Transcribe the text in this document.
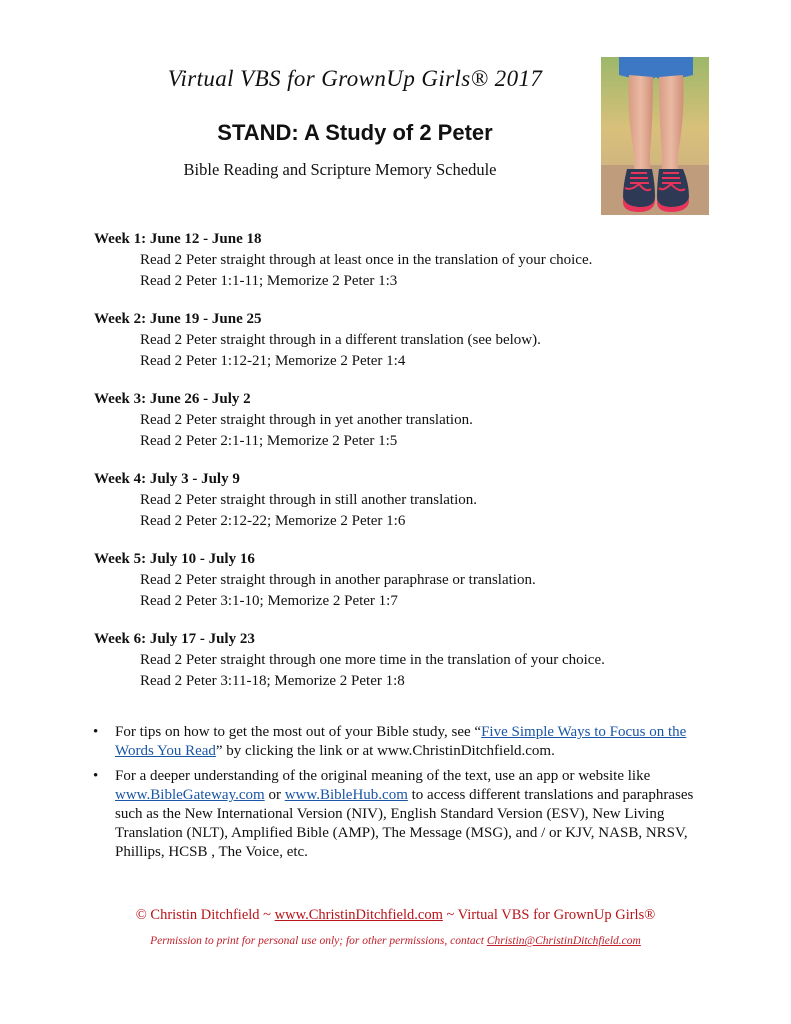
Virtual VBS for GrownUp Girls® 2017
STAND: A Study of 2 Peter
Bible Reading and Scripture Memory Schedule
Week 1: June 12 - June 18
Read 2 Peter straight through at least once in the translation of your choice.
Read 2 Peter 1:1-11; Memorize 2 Peter 1:3
Week 2: June 19 - June 25
Read 2 Peter straight through in a different translation (see below).
Read 2 Peter 1:12-21; Memorize 2 Peter 1:4
Week 3: June 26 - July 2
Read 2 Peter straight through in yet another translation.
Read 2 Peter 2:1-11; Memorize 2 Peter 1:5
Week 4: July 3 - July 9
Read 2 Peter straight through in still another translation.
Read 2 Peter 2:12-22; Memorize 2 Peter 1:6
Week 5: July 10 - July 16
Read 2 Peter straight through in another paraphrase or translation.
Read 2 Peter 3:1-10; Memorize 2 Peter 1:7
Week 6: July 17 - July 23
Read 2 Peter straight through one more time in the translation of your choice.
Read 2 Peter 3:11-18; Memorize 2 Peter 1:8
• For tips on how to get the most out of your Bible study, see “Five Simple Ways to Focus on the Words You Read” by clicking the link or at www.ChristinDitchfield.com.
• For a deeper understanding of the original meaning of the text, use an app or website like www.BibleGateway.com or www.BibleHub.com to access different translations and paraphrases such as the New International Version (NIV), English Standard Version (ESV), New Living Translation (NLT), Amplified Bible (AMP), The Message (MSG), and / or KJV, NASB, NRSV, Phillips, HCSB , The Voice, etc.
© Christin Ditchfield ~ www.ChristinDitchfield.com ~ Virtual VBS for GrownUp Girls®
Permission to print for personal use only; for other permissions, contact Christin@ChristinDitchfield.com
